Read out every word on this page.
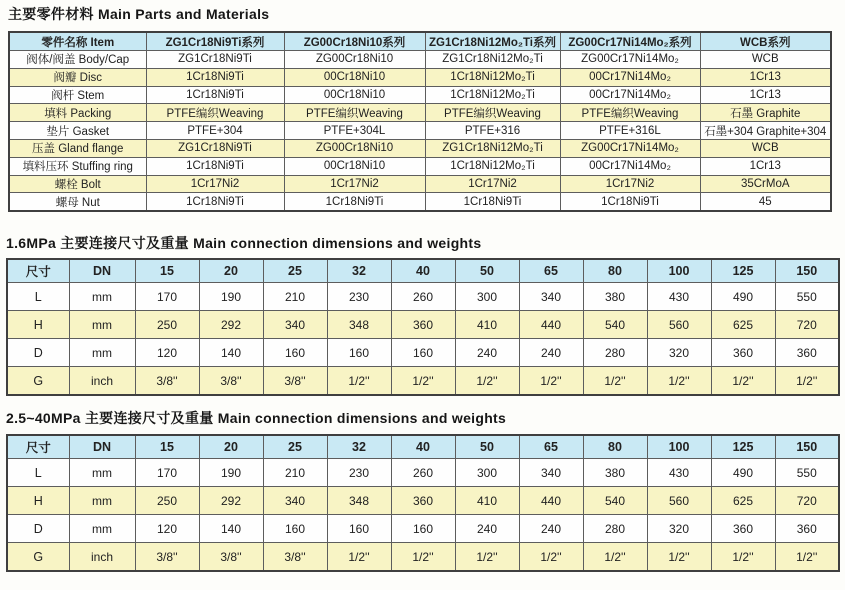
主要零件材料 Main Parts and Materials
零件名称 Item	ZG1Cr18Ni9Ti系列	ZG00Cr18Ni10系列	ZG1Cr18Ni12Mo₂Ti系列	ZG00Cr17Ni14Mo₂系列	WCB系列
阀体/阀盖 Body/Cap	ZG1Cr18Ni9Ti	ZG00Cr18Ni10	ZG1Cr18Ni12Mo₂Ti	ZG00Cr17Ni14Mo₂	WCB
阀瓣 Disc	1Cr18Ni9Ti	00Cr18Ni10	1Cr18Ni12Mo₂Ti	00Cr17Ni14Mo₂	1Cr13
阀杆 Stem	1Cr18Ni9Ti	00Cr18Ni10	1Cr18Ni12Mo₂Ti	00Cr17Ni14Mo₂	1Cr13
填料 Packing	PTFE编织Weaving	PTFE编织Weaving	PTFE编织Weaving	PTFE编织Weaving	石墨 Graphite
垫片 Gasket	PTFE+304	PTFE+304L	PTFE+316	PTFE+316L	石墨+304 Graphite+304
压盖 Gland flange	ZG1Cr18Ni9Ti	ZG00Cr18Ni10	ZG1Cr18Ni12Mo₂Ti	ZG00Cr17Ni14Mo₂	WCB
填料压环 Stuffing ring	1Cr18Ni9Ti	00Cr18Ni10	1Cr18Ni12Mo₂Ti	00Cr17Ni14Mo₂	1Cr13
螺栓 Bolt	1Cr17Ni2	1Cr17Ni2	1Cr17Ni2	1Cr17Ni2	35CrMoA
螺母 Nut	1Cr18Ni9Ti	1Cr18Ni9Ti	1Cr18Ni9Ti	1Cr18Ni9Ti	45
1.6MPa 主要连接尺寸及重量 Main connection dimensions and weights
尺寸	DN	15	20	25	32	40	50	65	80	100	125	150
L	mm	170	190	210	230	260	300	340	380	430	490	550
H	mm	250	292	340	348	360	410	440	540	560	625	720
D	mm	120	140	160	160	160	240	240	280	320	360	360
G	inch	3/8''	3/8''	3/8''	1/2''	1/2''	1/2''	1/2''	1/2''	1/2''	1/2''	1/2''
2.5~40MPa 主要连接尺寸及重量 Main connection dimensions and weights
尺寸	DN	15	20	25	32	40	50	65	80	100	125	150
L	mm	170	190	210	230	260	300	340	380	430	490	550
H	mm	250	292	340	348	360	410	440	540	560	625	720
D	mm	120	140	160	160	160	240	240	280	320	360	360
G	inch	3/8''	3/8''	3/8''	1/2''	1/2''	1/2''	1/2''	1/2''	1/2''	1/2''	1/2''
